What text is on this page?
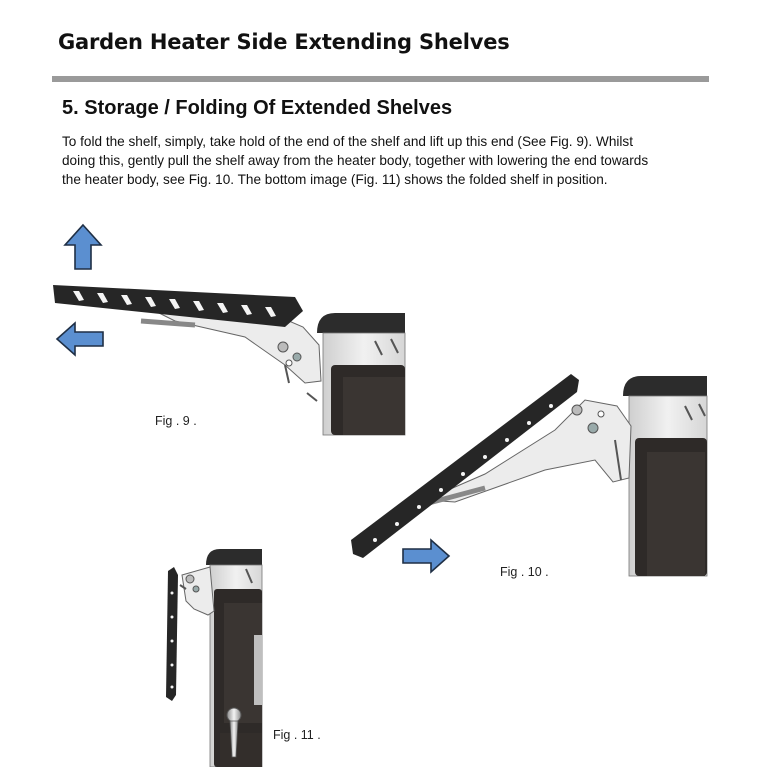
Garden Heater Side Extending Shelves
5. Storage / Folding Of Extended Shelves
To fold the shelf, simply, take hold of the end of the shelf and lift up this end (See Fig. 9). Whilst
doing this, gently pull the shelf away from the heater body, together with lowering the end towards
the heater body, see Fig. 10. The bottom image (Fig. 11) shows the folded shelf in position.
Fig . 9 .
Fig . 10 .
Fig . 11 .
